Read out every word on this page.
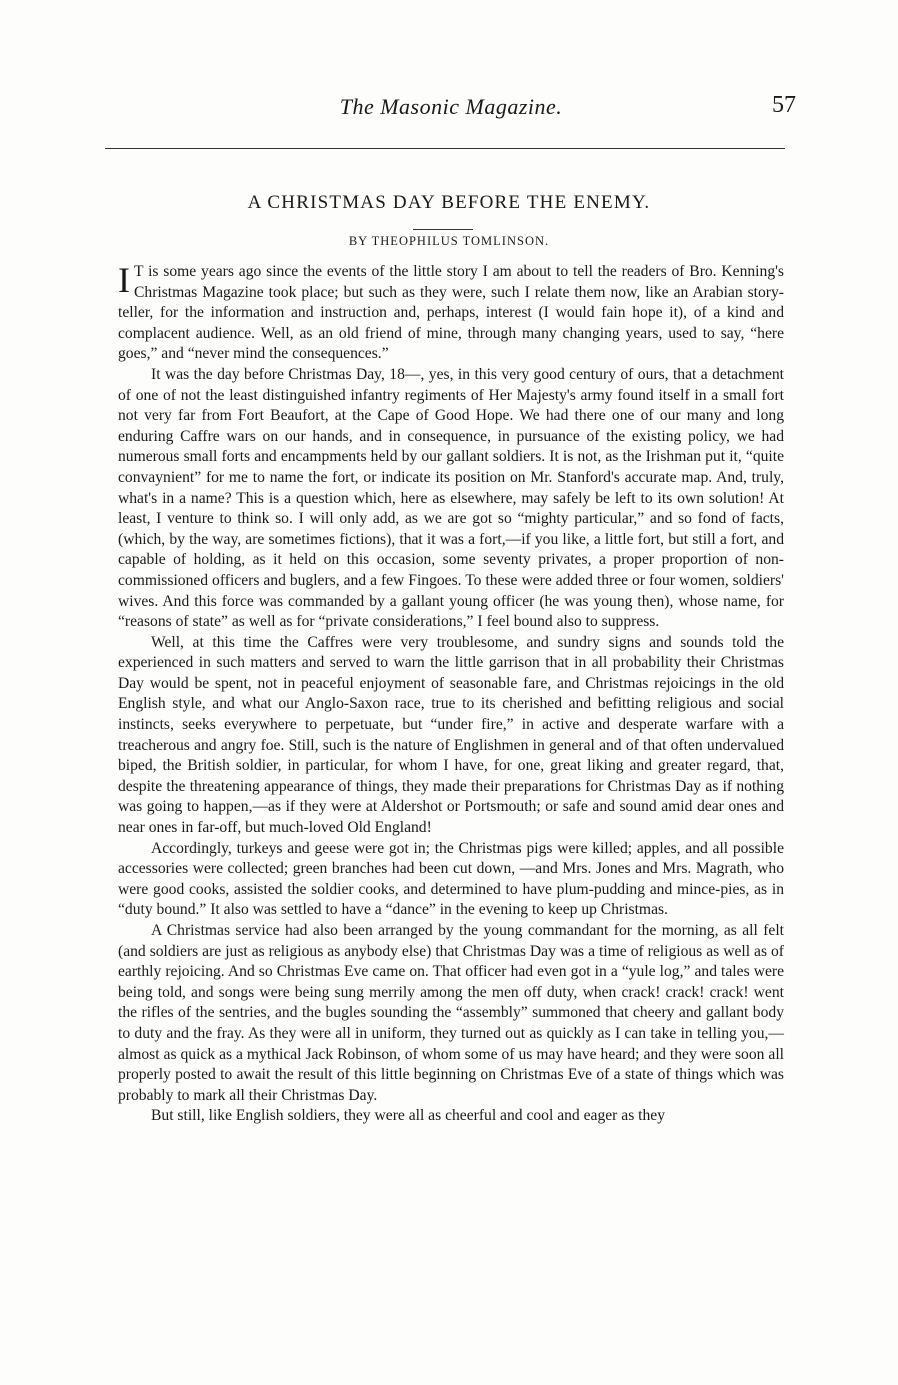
The Masonic Magazine.	57
A CHRISTMAS DAY BEFORE THE ENEMY.
BY THEOPHILUS TOMLINSON.

I T is some years ago since the events of the little story I am about to tell the readers of Bro. Kenning's Christmas Magazine took place; but such as they were, such I relate them now, like an Arabian story-teller, for the information and instruction and, perhaps, interest (I would fain hope it), of a kind and complacent audience. Well, as an old friend of mine, through many changing years, used to say, “here goes,” and “never mind the consequences.”

It was the day before Christmas Day, 18—, yes, in this very good century of ours, that a detachment of one of not the least distinguished infantry regiments of Her Majesty's army found itself in a small fort not very far from Fort Beaufort, at the Cape of Good Hope. We had there one of our many and long enduring Caffre wars on our hands, and in consequence, in pursuance of the existing policy, we had numerous small forts and encampments held by our gallant soldiers. It is not, as the Irishman put it, “quite convaynient” for me to name the fort, or indicate its position on Mr. Stanford's accurate map. And, truly, what's in a name? This is a question which, here as elsewhere, may safely be left to its own solution! At least, I venture to think so. I will only add, as we are got so “mighty particular,” and so fond of facts, (which, by the way, are sometimes fictions), that it was a fort,—if you like, a little fort, but still a fort, and capable of holding, as it held on this occasion, some seventy privates, a proper proportion of non-commissioned officers and buglers, and a few Fingoes. To these were added three or four women, soldiers' wives. And this force was commanded by a gallant young officer (he was young then), whose name, for “reasons of state” as well as for “private considerations,” I feel bound also to suppress.

Well, at this time the Caffres were very troublesome, and sundry signs and sounds told the experienced in such matters and served to warn the little garrison that in all probability their Christmas Day would be spent, not in peaceful enjoyment of seasonable fare, and Christmas rejoicings in the old English style, and what our Anglo-Saxon race, true to its cherished and befitting religious and social instincts, seeks everywhere to perpetuate, but “under fire,” in active and desperate warfare with a treacherous and angry foe. Still, such is the nature of Englishmen in general and of that often undervalued biped, the British soldier, in particular, for whom I have, for one, great liking and greater regard, that, despite the threatening appearance of things, they made their preparations for Christmas Day as if nothing was going to happen,—as if they were at Aldershot or Portsmouth; or safe and sound amid dear ones and near ones in far-off, but much-loved Old England!

Accordingly, turkeys and geese were got in; the Christmas pigs were killed; apples, and all possible accessories were collected; green branches had been cut down, —and Mrs. Jones and Mrs. Magrath, who were good cooks, assisted the soldier cooks, and determined to have plum-pudding and mince-pies, as in “duty bound.” It also was settled to have a “dance” in the evening to keep up Christmas.

A Christmas service had also been arranged by the young commandant for the morning, as all felt (and soldiers are just as religious as anybody else) that Christmas Day was a time of religious as well as of earthly rejoicing. And so Christmas Eve came on. That officer had even got in a “yule log,” and tales were being told, and songs were being sung merrily among the men off duty, when crack! crack! crack! went the rifles of the sentries, and the bugles sounding the “assembly” summoned that cheery and gallant body to duty and the fray. As they were all in uniform, they turned out as quickly as I can take in telling you,—almost as quick as a mythical Jack Robinson, of whom some of us may have heard; and they were soon all properly posted to await the result of this little beginning on Christmas Eve of a state of things which was probably to mark all their Christmas Day.

But still, like English soldiers, they were all as cheerful and cool and eager as they
